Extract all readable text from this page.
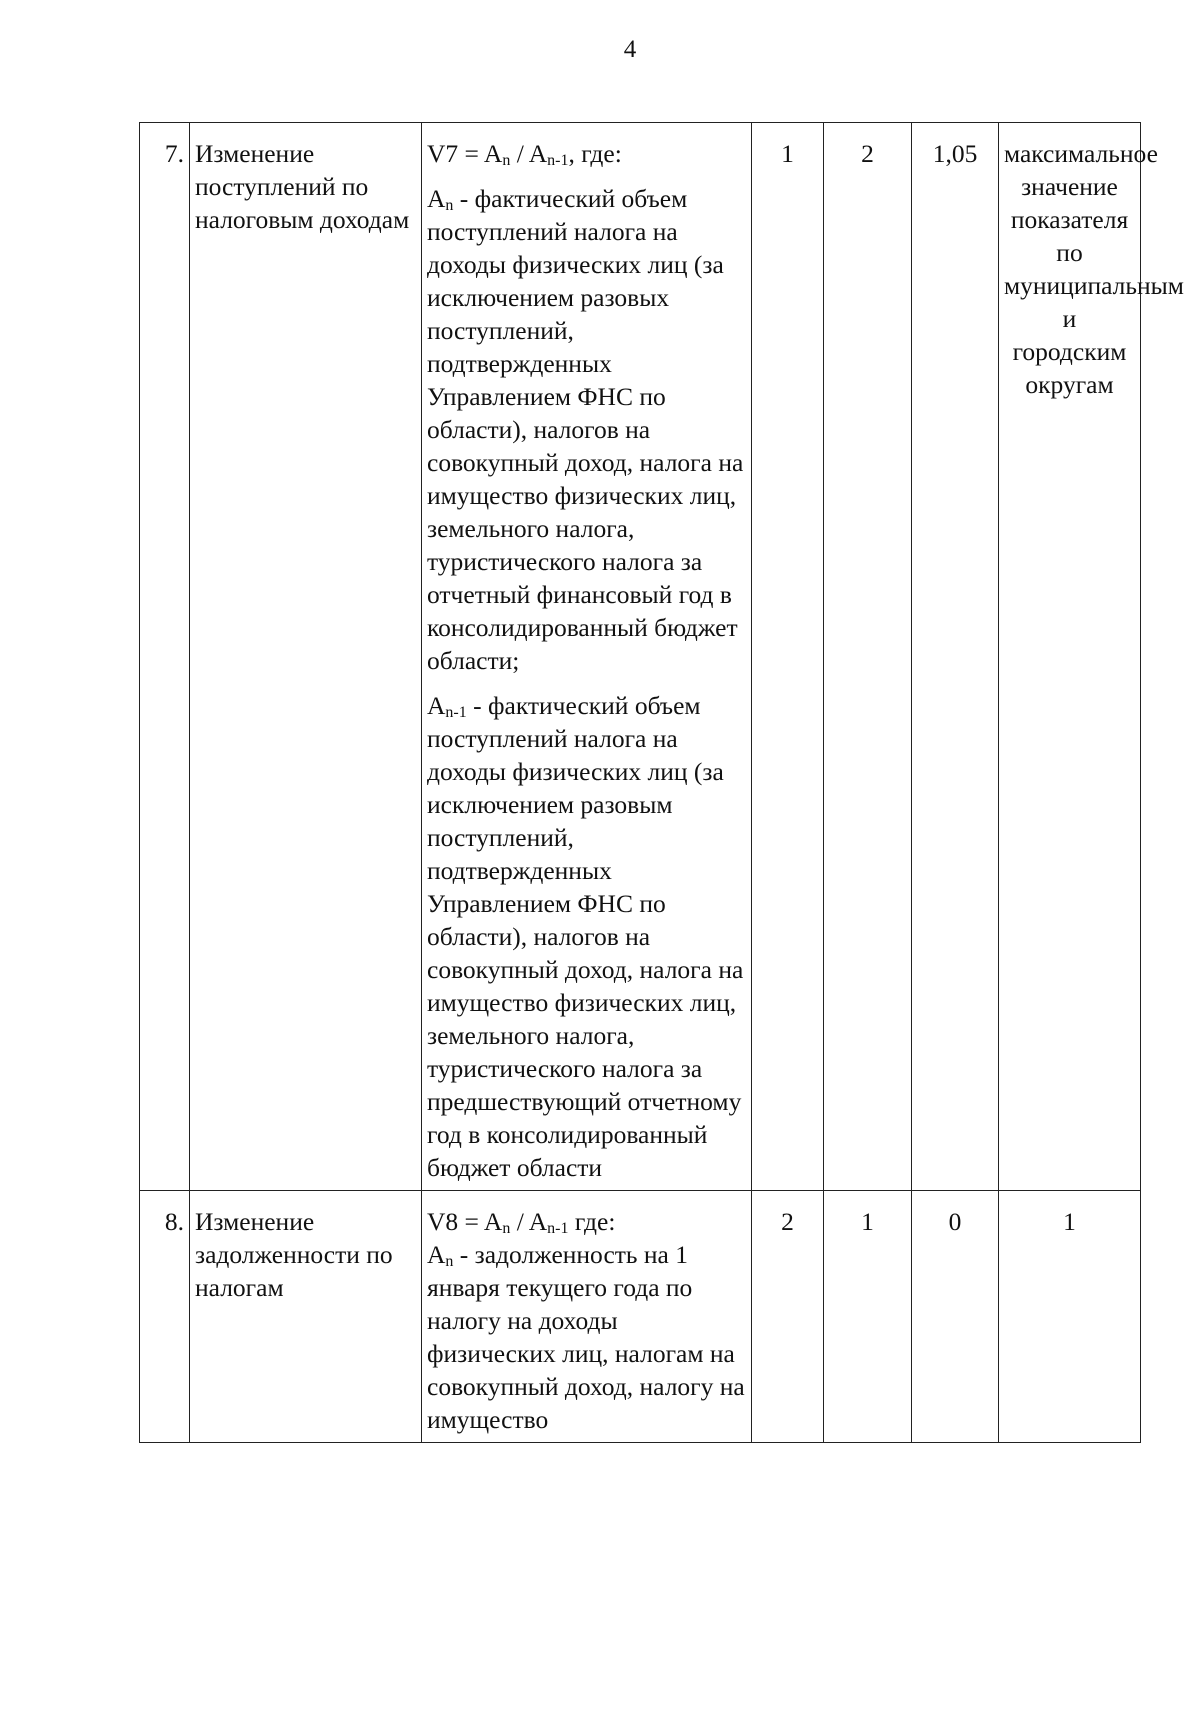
4
7.	Изменение поступлений по налоговым доходам	$V7 = A_n / A_{n-1}$, где:

$A_n$ - фактический объем поступлений налога на доходы физических лиц (за исключением разовых поступлений, подтвержденных Управлением ФНС по области), налогов на совокупный доход, налога на имущество физических лиц, земельного налога, туристического налога за отчетный финансовый год в консолидированный бюджет области;

$A_{n-1}$ - фактический объем поступлений налога на доходы физических лиц (за исключением разовым поступлений, подтвержденных Управлением ФНС по области), налогов на совокупный доход, налога на имущество физических лиц, земельного налога, туристического налога за предшествующий отчетному год в консолидированный бюджет области	1	2	1,05	максимальное значение показателя по муниципальным и городским округам
8.	Изменение задолженности по налогам	$V8 = A_n / A_{n-1}$ где:

$A_n$ - задолженность на 1 января текущего года по налогу на доходы физических лиц, налогам на совокупный доход, налогу на имущество	2	1	0	1
